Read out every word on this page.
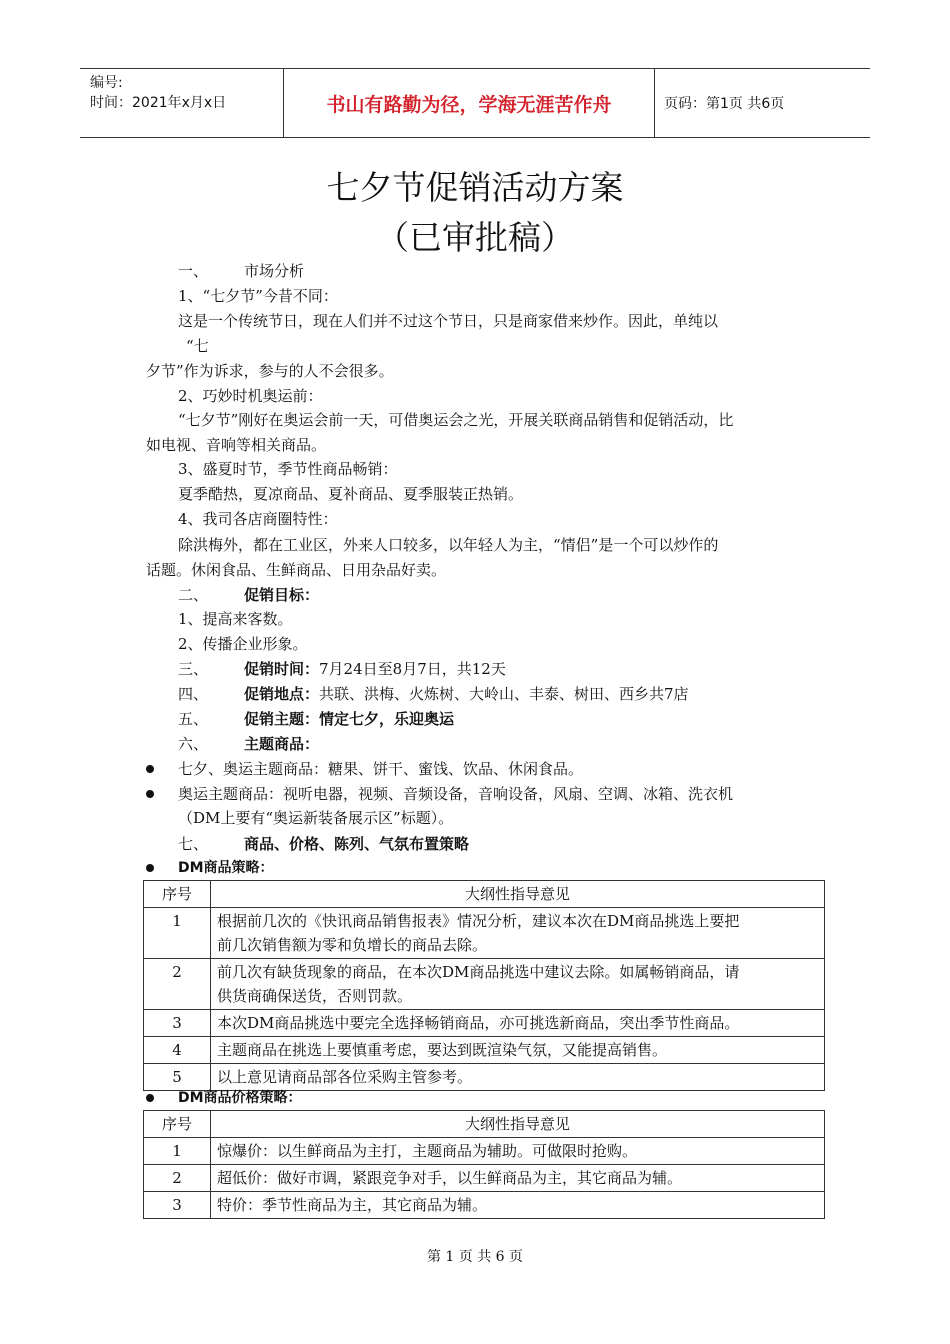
编号:
时间：2021年x月x日	书山有路勤为径，学海无涯苦作舟	页码：第1页 共6页
七夕节促销活动方案
（已审批稿）
一、 市场分析
1、“七夕节”今昔不同：
这是一个传统节日，现在人们并不过这个节日，只是商家借来炒作。因此，单纯以
“七
夕节”作为诉求，参与的人不会很多。
2、巧妙时机奥运前：
“七夕节”刚好在奥运会前一天，可借奥运会之光，开展关联商品销售和促销活动，比
如电视、音响等相关商品。
3、盛夏时节，季节性商品畅销：
夏季酷热，夏凉商品、夏补商品、夏季服装正热销。
4、我司各店商圈特性：
除洪梅外，都在工业区，外来人口较多，以年轻人为主，“情侣”是一个可以炒作的
话题。休闲食品、生鲜商品、日用杂品好卖。
二、 促销目标：
1、提高来客数。
2、传播企业形象。
三、 促销时间：7月24日至8月7日，共12天
四、 促销地点：共联、洪梅、火炼树、大岭山、丰泰、树田、西乡共7店
五、 促销主题：情定七夕，乐迎奥运
六、 主题商品：
七夕、奥运主题商品：糖果、饼干、蜜饯、饮品、休闲食品。
奥运主题商品：视听电器，视频、音频设备，音响设备，风扇、空调、冰箱、洗衣机
（DM上要有“奥运新装备展示区”标题）。
七、 商品、价格、陈列、气氛布置策略
DM商品策略：
序号	大纲性指导意见
1	根据前几次的《快讯商品销售报表》情况分析，建议本次在DM商品挑选上要把
前几次销售额为零和负增长的商品去除。

2	前几次有缺货现象的商品，在本次DM商品挑选中建议去除。如属畅销商品，请
供货商确保送货，否则罚款。

3	本次DM商品挑选中要完全选择畅销商品，亦可挑选新商品，突出季节性商品。
4	主题商品在挑选上要慎重考虑，要达到既渲染气氛，又能提高销售。
5	以上意见请商品部各位采购主管参考。
DM商品价格策略：
序号	大纲性指导意见
1	惊爆价：以生鲜商品为主打，主题商品为辅助。可做限时抢购。
2	超低价：做好市调，紧跟竞争对手，以生鲜商品为主，其它商品为辅。
3	特价：季节性商品为主，其它商品为辅。
第 1 页 共 6 页
